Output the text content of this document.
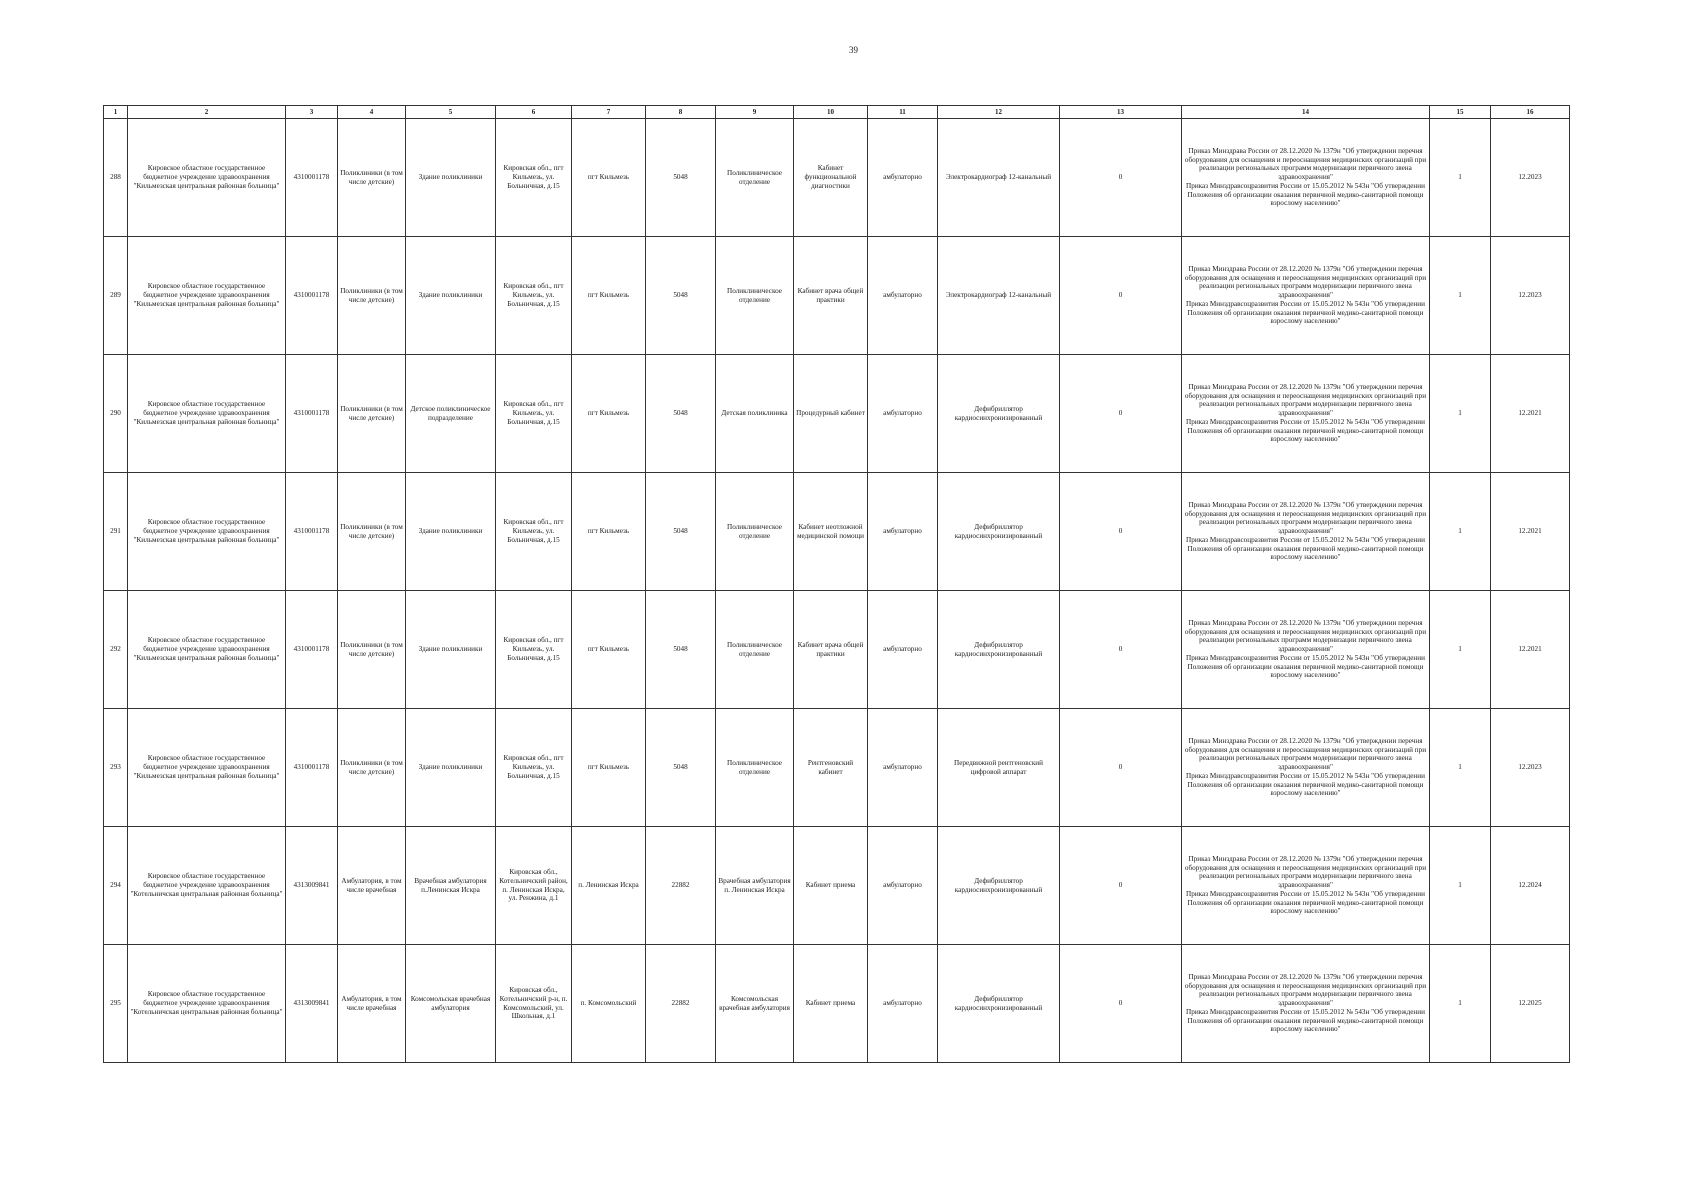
39
1	2	3	4	5	6	7	8	9	10	11	12	13	14	15	16
288	Кировское областное государственное бюджетное учреждение здравоохранения "Кильмезская центральная районная больница"	4310001178	Поликлиники (в том числе детские)	Здание поликлиники	Кировская обл., пгт Кильмезь, ул. Больничная, д.15	пгт Кильмезь	5048	Поликлиническое отделение	Кабинет функциональной диагностики	амбулаторно	Электрокардиограф 12-канальный	0	Приказ Минздрава России от 28.12.2020 № 1379н "Об утверждении перечня оборудования для оснащения и переоснащения медицинских организаций при реализации региональных программ модернизации первичного звена здравоохранения"
Приказ Минздравсоцразвития России от 15.05.2012 № 543н "Об утверждении Положения об организации оказания первичной медико-санитарной помощи взрослому населению"	1	12.2023
289	Кировское областное государственное бюджетное учреждение здравоохранения "Кильмезская центральная районная больница"	4310001178	Поликлиники (в том числе детские)	Здание поликлиники	Кировская обл., пгт Кильмезь, ул. Больничная, д.15	пгт Кильмезь	5048	Поликлиническое отделение	Кабинет врача общей практики	амбулаторно	Электрокардиограф 12-канальный	0	Приказ Минздрава России от 28.12.2020 № 1379н "Об утверждении перечня оборудования для оснащения и переоснащения медицинских организаций при реализации региональных программ модернизации первичного звена здравоохранения"
Приказ Минздравсоцразвития России от 15.05.2012 № 543н "Об утверждении Положения об организации оказания первичной медико-санитарной помощи взрослому населению"	1	12.2023
290	Кировское областное государственное бюджетное учреждение здравоохранения "Кильмезская центральная районная больница"	4310001178	Поликлиники (в том числе детские)	Детское поликлиническое подразделение	Кировская обл., пгт Кильмезь, ул. Больничная, д.15	пгт Кильмезь	5048	Детская поликлиника	Процедурный кабинет	амбулаторно	Дефибриллятор кардиосинхронизированный	0	Приказ Минздрава России от 28.12.2020 № 1379н "Об утверждении перечня оборудования для оснащения и переоснащения медицинских организаций при реализации региональных программ модернизации первичного звена здравоохранения"
Приказ Минздравсоцразвития России от 15.05.2012 № 543н "Об утверждении Положения об организации оказания первичной медико-санитарной помощи взрослому населению"	1	12.2021
291	Кировское областное государственное бюджетное учреждение здравоохранения "Кильмезская центральная районная больница"	4310001178	Поликлиники (в том числе детские)	Здание поликлиники	Кировская обл., пгт Кильмезь, ул. Больничная, д.15	пгт Кильмезь	5048	Поликлиническое отделение	Кабинет неотложной медицинской помощи	амбулаторно	Дефибриллятор кардиосинхронизированный	0	Приказ Минздрава России от 28.12.2020 № 1379н "Об утверждении перечня оборудования для оснащения и переоснащения медицинских организаций при реализации региональных программ модернизации первичного звена здравоохранения"
Приказ Минздравсоцразвития России от 15.05.2012 № 543н "Об утверждении Положения об организации оказания первичной медико-санитарной помощи взрослому населению"	1	12.2021
292	Кировское областное государственное бюджетное учреждение здравоохранения "Кильмезская центральная районная больница"	4310001178	Поликлиники (в том числе детские)	Здание поликлиники	Кировская обл., пгт Кильмезь, ул. Больничная, д.15	пгт Кильмезь	5048	Поликлиническое отделение	Кабинет врача общей практики	амбулаторно	Дефибриллятор кардиосинхронизированный	0	Приказ Минздрава России от 28.12.2020 № 1379н "Об утверждении перечня оборудования для оснащения и переоснащения медицинских организаций при реализации региональных программ модернизации первичного звена здравоохранения"
Приказ Минздравсоцразвития России от 15.05.2012 № 543н "Об утверждении Положения об организации оказания первичной медико-санитарной помощи взрослому населению"	1	12.2021
293	Кировское областное государственное бюджетное учреждение здравоохранения "Кильмезская центральная районная больница"	4310001178	Поликлиники (в том числе детские)	Здание поликлиники	Кировская обл., пгт Кильмезь, ул. Больничная, д.15	пгт Кильмезь	5048	Поликлиническое отделение	Рентгеновский кабинет	амбулаторно	Передвижной рентгеновский цифровой аппарат	0	Приказ Минздрава России от 28.12.2020 № 1379н "Об утверждении перечня оборудования для оснащения и переоснащения медицинских организаций при реализации региональных программ модернизации первичного звена здравоохранения"
Приказ Минздравсоцразвития России от 15.05.2012 № 543н "Об утверждении Положения об организации оказания первичной медико-санитарной помощи взрослому населению"	1	12.2023
294	Кировское областное государственное бюджетное учреждение здравоохранения "Котельничская центральная районная больница"	4313009841	Амбулатория, в том числе врачебная	Врачебная амбулатория п.Ленинская Искра	Кировская обл., Котельничский район, п. Ленинская Искра, ул. Ренжина, д.1	п. Ленинская Искра	22882	Врачебная амбулатория п. Ленинская Искра	Кабинет приема	амбулаторно	Дефибриллятор кардиосинхронизированный	0	Приказ Минздрава России от 28.12.2020 № 1379н "Об утверждении перечня оборудования для оснащения и переоснащения медицинских организаций при реализации региональных программ модернизации первичного звена здравоохранения"
Приказ Минздравсоцразвития России от 15.05.2012 № 543н "Об утверждении Положения об организации оказания первичной медико-санитарной помощи взрослому населению"	1	12.2024
295	Кировское областное государственное бюджетное учреждение здравоохранения "Котельничская центральная районная больница"	4313009841	Амбулатория, в том числе врачебная	Комсомольская врачебная амбулатория	Кировская обл., Котельничский р-н, п. Комсомольский, ул. Школьная, д.1	п. Комсомольский	22882	Комсомольская врачебная амбулатория	Кабинет приема	амбулаторно	Дефибриллятор кардиосинхронизированный	0	Приказ Минздрава России от 28.12.2020 № 1379н "Об утверждении перечня оборудования для оснащения и переоснащения медицинских организаций при реализации региональных программ модернизации первичного звена здравоохранения"
Приказ Минздравсоцразвития России от 15.05.2012 № 543н "Об утверждении Положения об организации оказания первичной медико-санитарной помощи взрослому населению"	1	12.2025
